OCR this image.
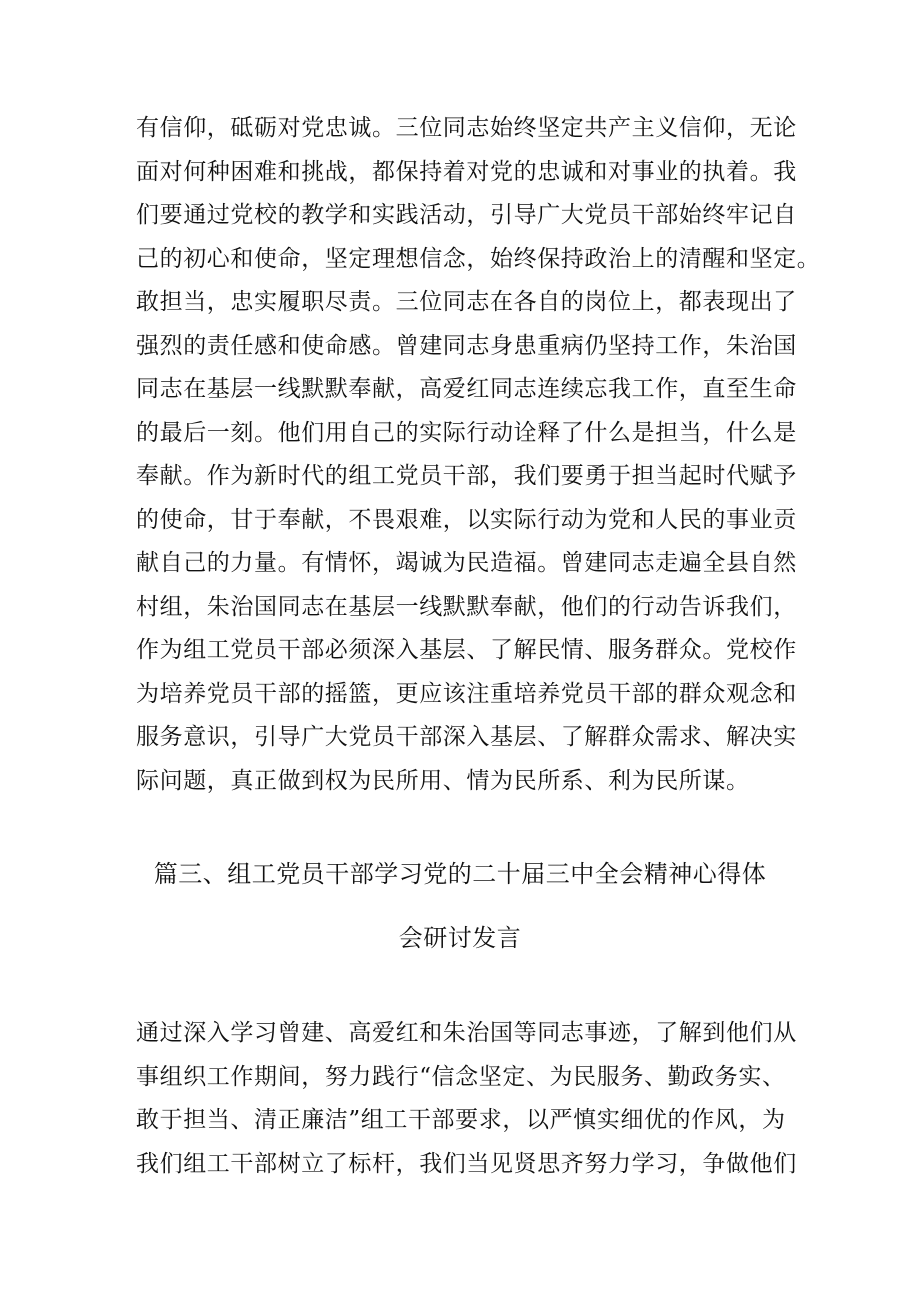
有信仰，砥砺对党忠诚。三位同志始终坚定共产主义信仰，无论
面对何种困难和挑战，都保持着对党的忠诚和对事业的执着。我
们要通过党校的教学和实践活动，引导广大党员干部始终牢记自
己的初心和使命，坚定理想信念，始终保持政治上的清醒和坚定。
敢担当，忠实履职尽责。三位同志在各自的岗位上，都表现出了
强烈的责任感和使命感。曾建同志身患重病仍坚持工作，朱治国
同志在基层一线默默奉献，高爱红同志连续忘我工作，直至生命
的最后一刻。他们用自己的实际行动诠释了什么是担当，什么是
奉献。作为新时代的组工党员干部，我们要勇于担当起时代赋予
的使命，甘于奉献，不畏艰难，以实际行动为党和人民的事业贡
献自己的力量。有情怀，竭诚为民造福。曾建同志走遍全县自然
村组，朱治国同志在基层一线默默奉献，他们的行动告诉我们，
作为组工党员干部必须深入基层、了解民情、服务群众。党校作
为培养党员干部的摇篮，更应该注重培养党员干部的群众观念和
服务意识，引导广大党员干部深入基层、了解群众需求、解决实
际问题，真正做到权为民所用、情为民所系、利为民所谋。
篇三、组工党员干部学习党的二十届三中全会精神心得体
会研讨发言
通过深入学习曾建、高爱红和朱治国等同志事迹，了解到他们从
事组织工作期间，努力践行“信念坚定、为民服务、勤政务实、
敢于担当、清正廉洁”组工干部要求，以严慎实细优的作风，为
我们组工干部树立了标杆，我们当见贤思齐努力学习，争做他们
